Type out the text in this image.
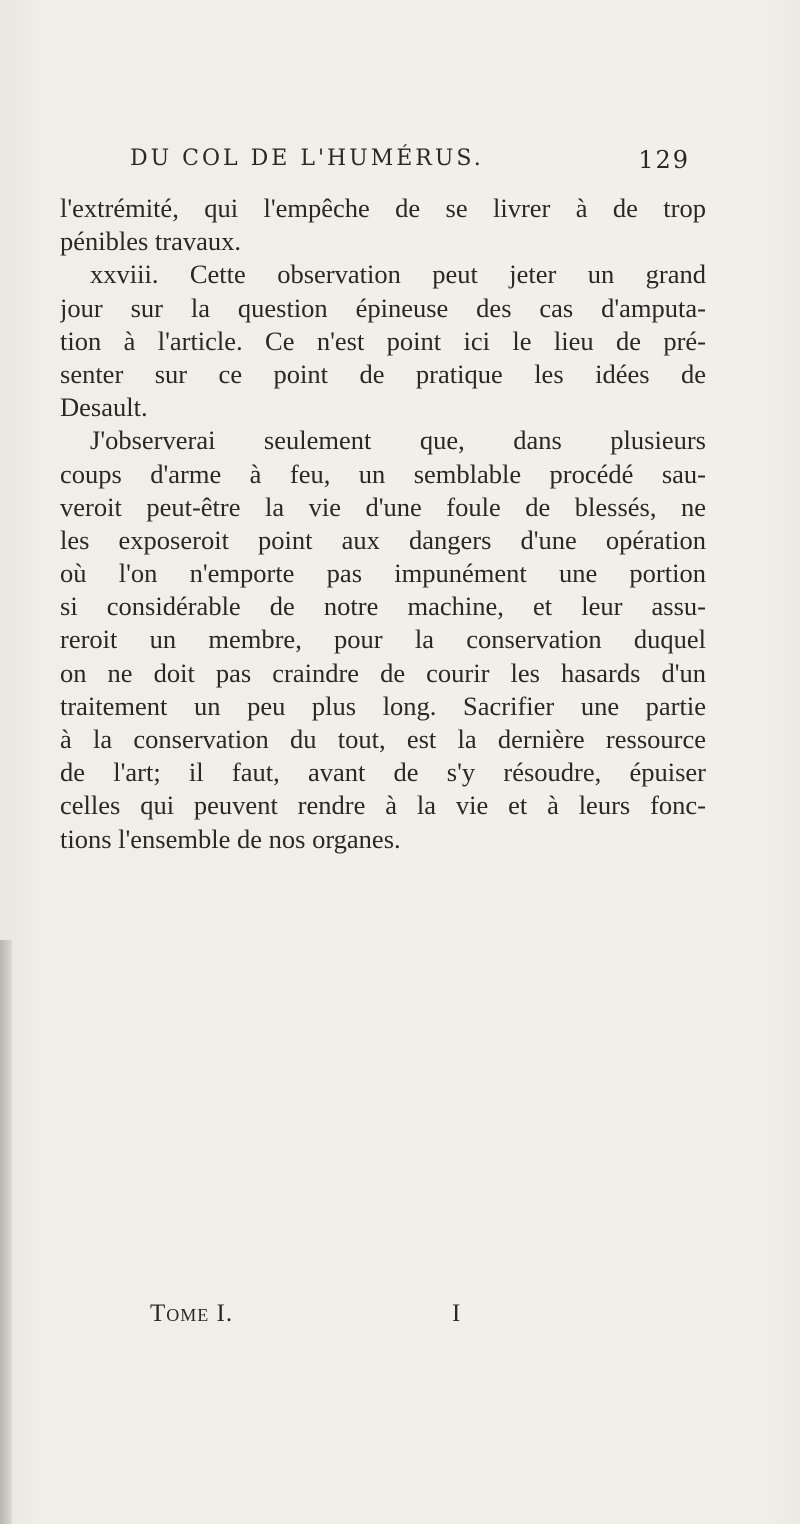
DU COL DE L'HUMÉRUS.	129
l'extrémité, qui l'empêche de se livrer à de trop
pénibles travaux.
xxviii. Cette observation peut jeter un grand
jour sur la question épineuse des cas d'amputa-
tion à l'article. Ce n'est point ici le lieu de pré-
senter sur ce point de pratique les idées de
Desault.
J'observerai seulement que, dans plusieurs
coups d'arme à feu, un semblable procédé sau-
veroit peut-être la vie d'une foule de blessés, ne
les exposeroit point aux dangers d'une opération
où l'on n'emporte pas impunément une portion
si considérable de notre machine, et leur assu-
reroit un membre, pour la conservation duquel
on ne doit pas craindre de courir les hasards d'un
traitement un peu plus long. Sacrifier une partie
à la conservation du tout, est la dernière ressource
de l'art; il faut, avant de s'y résoudre, épuiser
celles qui peuvent rendre à la vie et à leurs fonc-
tions l'ensemble de nos organes.
Tome I.	I
